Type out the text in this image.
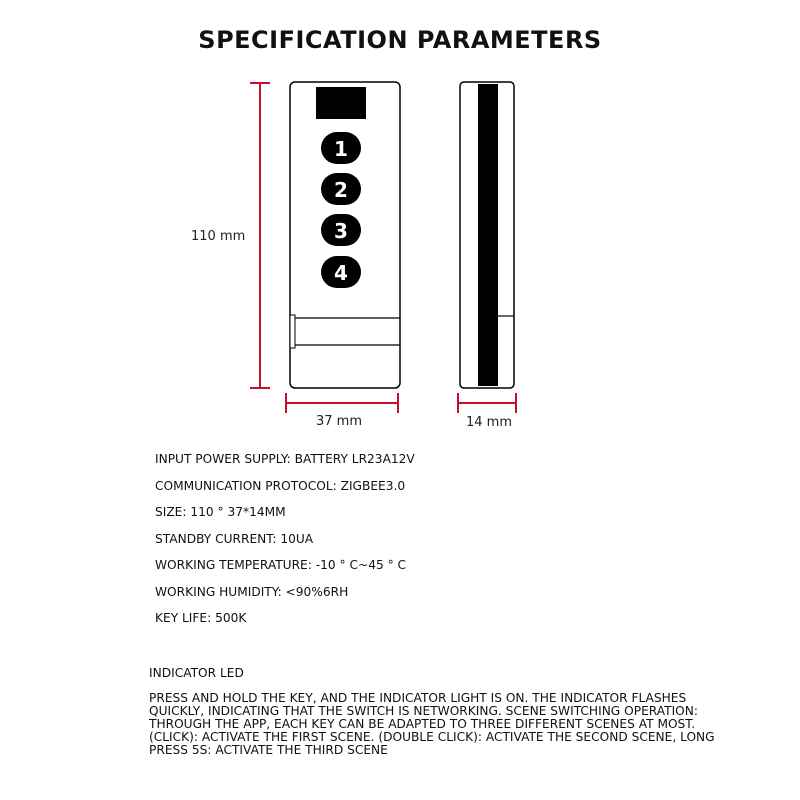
SPECIFICATION PARAMETERS
1
2
3
4
110 mm
37 mm	14 mm
INPUT POWER SUPPLY: BATTERY LR23A12V
COMMUNICATION PROTOCOL: ZIGBEE3.0
SIZE: 110 ° 37*14MM
STANDBY CURRENT: 10UA
WORKING TEMPERATURE: -10 ° C~45 ° C
WORKING HUMIDITY: <90%6RH
KEY LIFE: 500K
INDICATOR LED
PRESS AND HOLD THE KEY, AND THE INDICATOR LIGHT IS ON. THE INDICATOR FLASHES QUICKLY, INDICATING THAT THE SWITCH IS NETWORKING. SCENE SWITCHING OPERATION: THROUGH THE APP, EACH KEY CAN BE ADAPTED TO THREE DIFFERENT SCENES AT MOST. (CLICK): ACTIVATE THE FIRST SCENE. (DOUBLE CLICK): ACTIVATE THE SECOND SCENE, LONG PRESS 5S: ACTIVATE THE THIRD SCENE
